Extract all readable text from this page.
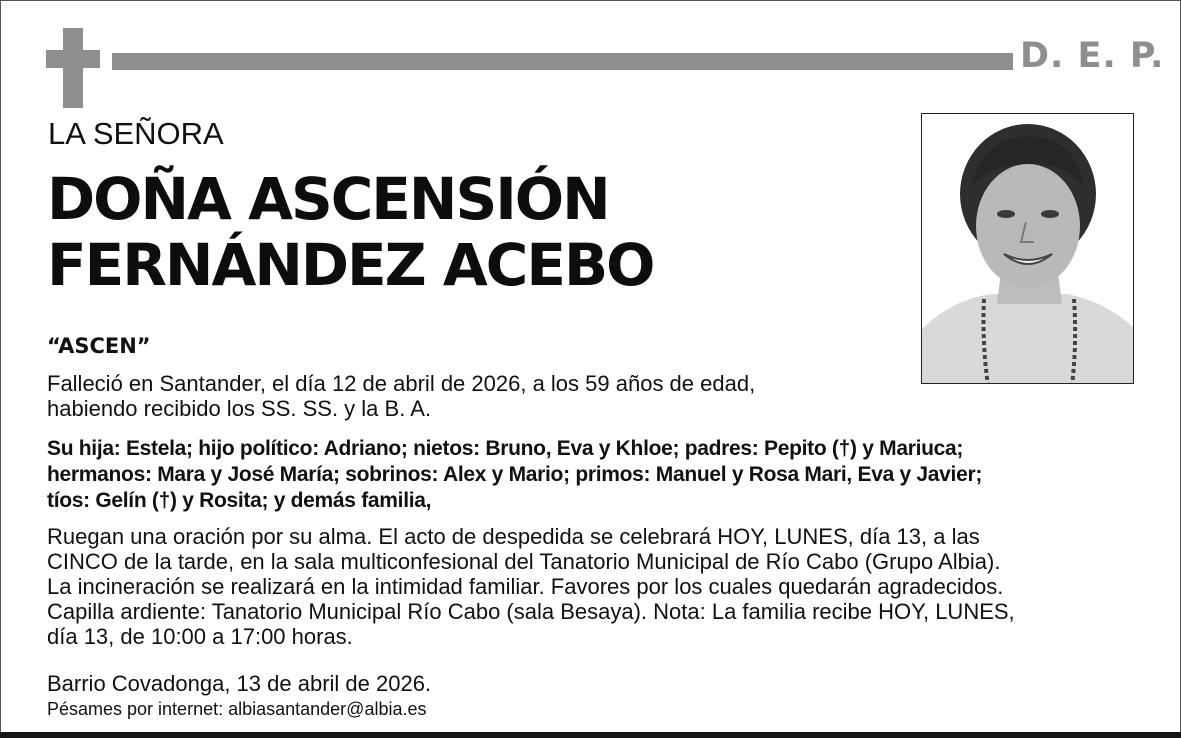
D. E. P.
LA SEÑORA
DOÑA ASCENSIÓN
FERNÁNDEZ ACEBO
“ASCEN”
Falleció en Santander, el día 12 de abril de 2026, a los 59 años de edad,
habiendo recibido los SS. SS. y la B. A.
Su hija: Estela; hijo político: Adriano; nietos: Bruno, Eva y Khloe; padres: Pepito (†) y Mariuca;
hermanos: Mara y José María; sobrinos: Alex y Mario; primos: Manuel y Rosa Mari, Eva y Javier;
tíos: Gelín (†) y Rosita; y demás familia,
Ruegan una oración por su alma. El acto de despedida se celebrará HOY, LUNES, día 13, a las
CINCO de la tarde, en la sala multiconfesional del Tanatorio Municipal de Río Cabo (Grupo Albia).
La incineración se realizará en la intimidad familiar. Favores por los cuales quedarán agradecidos.
Capilla ardiente: Tanatorio Municipal Río Cabo (sala Besaya). Nota: La familia recibe HOY, LUNES,
día 13, de 10:00 a 17:00 horas.
Barrio Covadonga, 13 de abril de 2026.
Pésames por internet: albiasantander@albia.es
